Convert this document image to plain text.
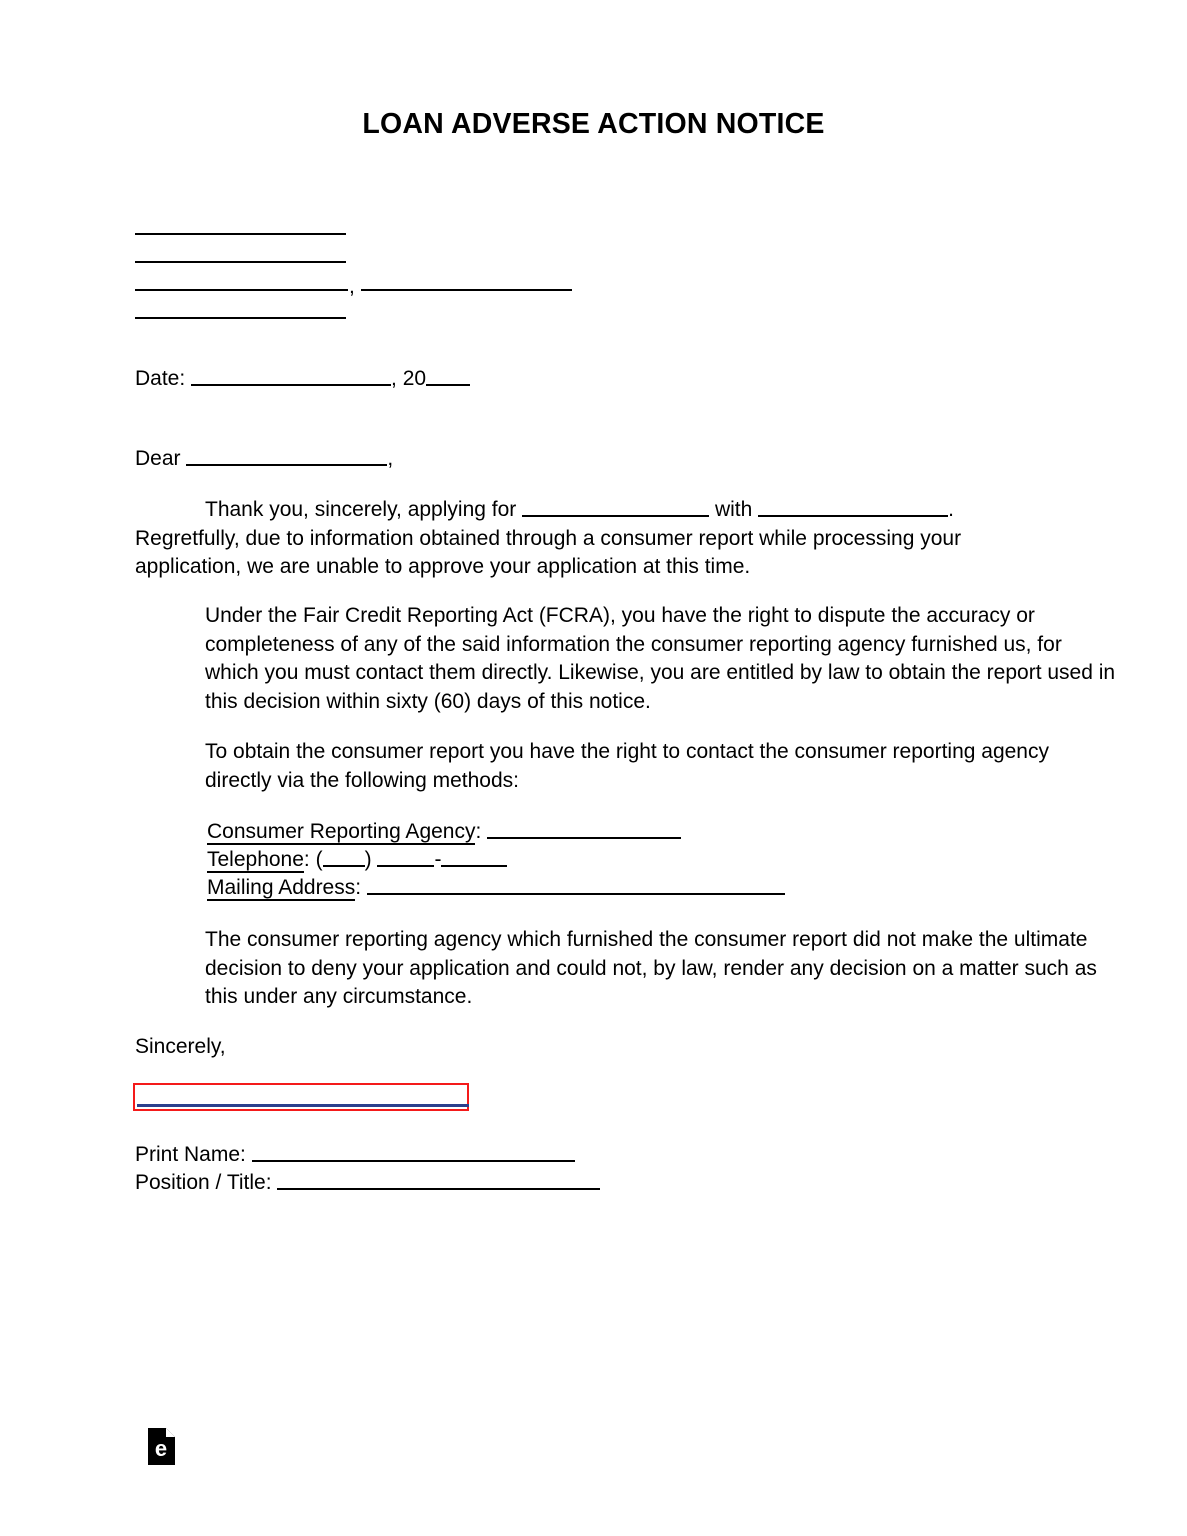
LOAN ADVERSE ACTION NOTICE
,
Date:	, 20
Dear	,
Thank you, sincerely, applying for	with	. Regretfully, due to information obtained through a consumer report while processing your application, we are unable to approve your application at this time.
Under the Fair Credit Reporting Act (FCRA), you have the right to dispute the accuracy or completeness of any of the said information the consumer reporting agency furnished us, for which you must contact them directly. Likewise, you are entitled by law to obtain the report used in this decision within sixty (60) days of this notice.
To obtain the consumer report you have the right to contact the consumer reporting agency directly via the following methods:
Consumer Reporting Agency:
Telephone: ( )	-
Mailing Address:
The consumer reporting agency which furnished the consumer report did not make the ultimate decision to deny your application and could not, by law, render any decision on a matter such as this under any circumstance.
Sincerely,
Print Name:
Position / Title:
e
